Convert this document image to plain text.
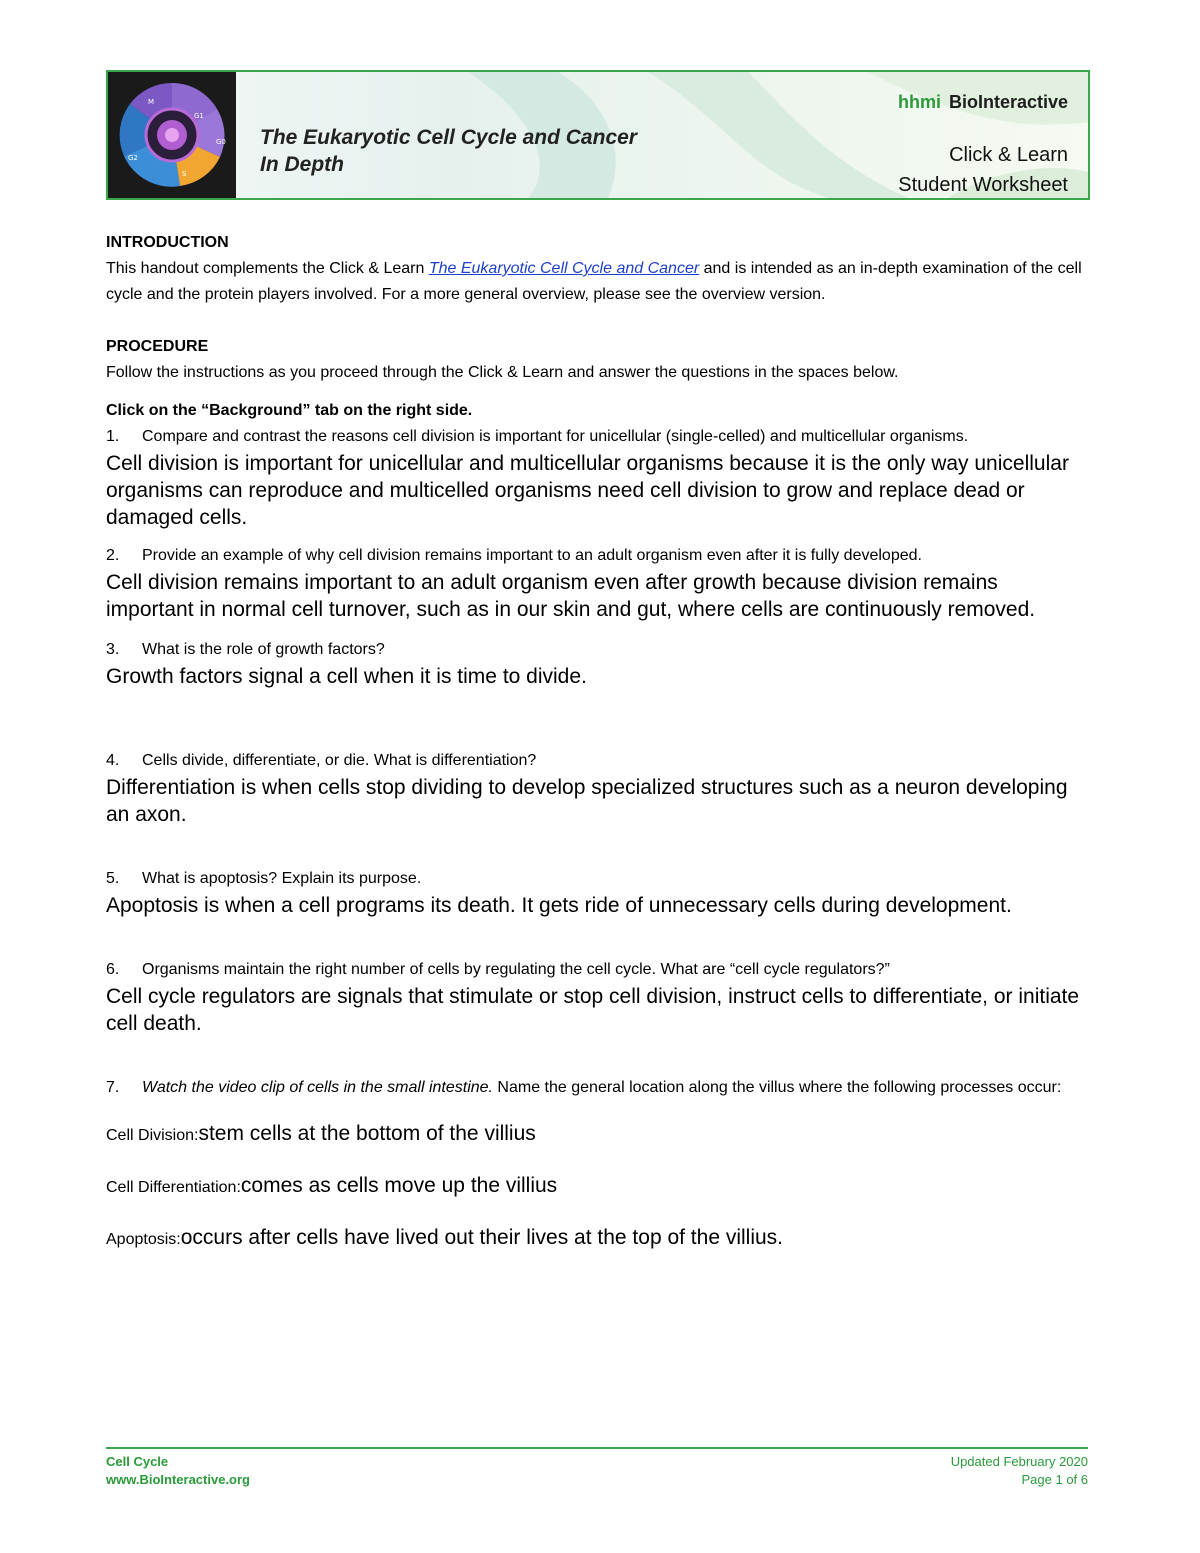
M
G1
G0
S
G2
The Eukaryotic Cell Cycle and Cancer
In Depth
hhmi BioInteractive
Click & Learn
Student Worksheet

INTRODUCTION

This handout complements the Click & Learn The Eukaryotic Cell Cycle and Cancer and is intended as an in-depth examination of the cell cycle and the protein players involved. For a more general overview, please see the overview version.

PROCEDURE

Follow the instructions as you proceed through the Click & Learn and answer the questions in the spaces below.

Click on the “Background” tab on the right side.

1. Compare and contrast the reasons cell division is important for unicellular (single-celled) and multicellular organisms.

Cell division is important for unicellular and multicellular organisms because it is the only way unicellular organisms can reproduce and multicelled organisms need cell division to grow and replace dead or damaged cells.

2. Provide an example of why cell division remains important to an adult organism even after it is fully developed.

Cell division remains important to an adult organism even after growth because division remains important in normal cell turnover, such as in our skin and gut, where cells are continuously removed.

3. What is the role of growth factors?

Growth factors signal a cell when it is time to divide.

4. Cells divide, differentiate, or die. What is differentiation?

Differentiation is when cells stop dividing to develop specialized structures such as a neuron developing an axon.

5. What is apoptosis? Explain its purpose.

Apoptosis is when a cell programs its death. It gets ride of unnecessary cells during development.

6. Organisms maintain the right number of cells by regulating the cell cycle. What are “cell cycle regulators?”

Cell cycle regulators are signals that stimulate or stop cell division, instruct cells to differentiate, or initiate cell death.

7. Watch the video clip of cells in the small intestine. Name the general location along the villus where the following processes occur:

Cell Division:stem cells at the bottom of the villius

Cell Differentiation:comes as cells move up the villius

Apoptosis:occurs after cells have lived out their lives at the top of the villius.

Cell Cycle
www.BioInteractive.org
Updated February 2020
Page 1 of 6
